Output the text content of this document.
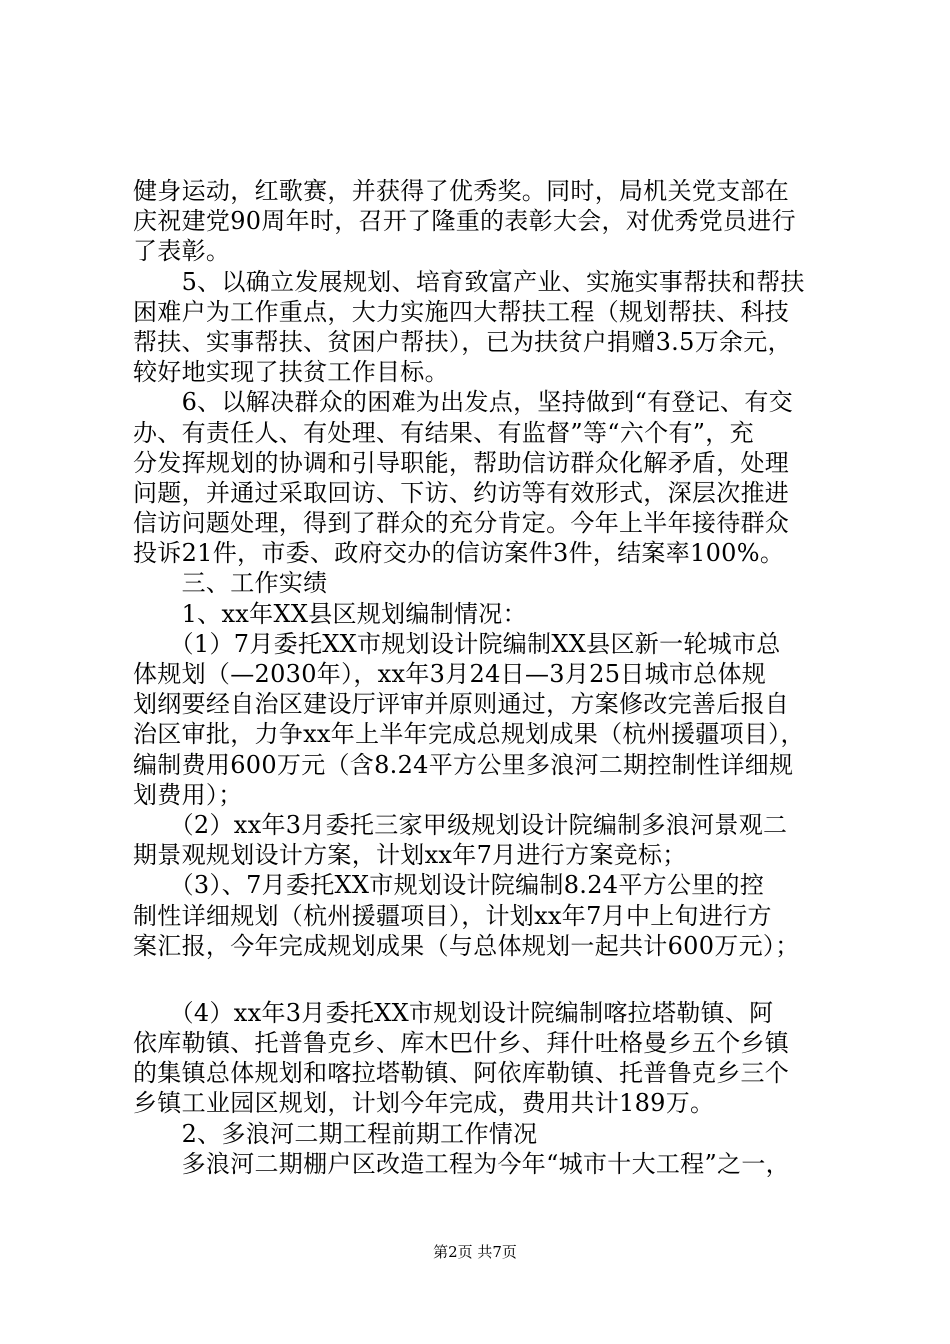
健身运动，红歌赛，并获得了优秀奖。同时，局机关党支部在
庆祝建党90周年时，召开了隆重的表彰大会，对优秀党员进行
了表彰。
　　5、以确立发展规划、培育致富产业、实施实事帮扶和帮扶
困难户为工作重点，大力实施四大帮扶工程（规划帮扶、科技
帮扶、实事帮扶、贫困户帮扶），已为扶贫户捐赠3.5万余元，
较好地实现了扶贫工作目标。
　　6、以解决群众的困难为出发点，坚持做到“有登记、有交
办、有责任人、有处理、有结果、有监督”等“六个有”，充
分发挥规划的协调和引导职能，帮助信访群众化解矛盾，处理
问题，并通过采取回访、下访、约访等有效形式，深层次推进
信访问题处理，得到了群众的充分肯定。今年上半年接待群众
投诉21件，市委、政府交办的信访案件3件，结案率100%。
　　三、工作实绩
　　1、xx年XX县区规划编制情况：
　　（1）7月委托XX市规划设计院编制XX县区新一轮城市总
体规划（—2030年），xx年3月24日—3月25日城市总体规
划纲要经自治区建设厅评审并原则通过，方案修改完善后报自
治区审批，力争xx年上半年完成总规划成果（杭州援疆项目），
编制费用600万元（含8.24平方公里多浪河二期控制性详细规
划费用）；
　　（2）xx年3月委托三家甲级规划设计院编制多浪河景观二
期景观规划设计方案，计划xx年7月进行方案竞标；
　　（3）、7月委托XX市规划设计院编制8.24平方公里的控
制性详细规划（杭州援疆项目），计划xx年7月中上旬进行方
案汇报，今年完成规划成果（与总体规划一起共计600万元）；
　　（4）xx年3月委托XX市规划设计院编制喀拉塔勒镇、阿
依库勒镇、托普鲁克乡、库木巴什乡、拜什吐格曼乡五个乡镇
的集镇总体规划和喀拉塔勒镇、阿依库勒镇、托普鲁克乡三个
乡镇工业园区规划，计划今年完成，费用共计189万。
　　2、多浪河二期工程前期工作情况
　　多浪河二期棚户区改造工程为今年“城市十大工程”之一，
第2页 共7页
